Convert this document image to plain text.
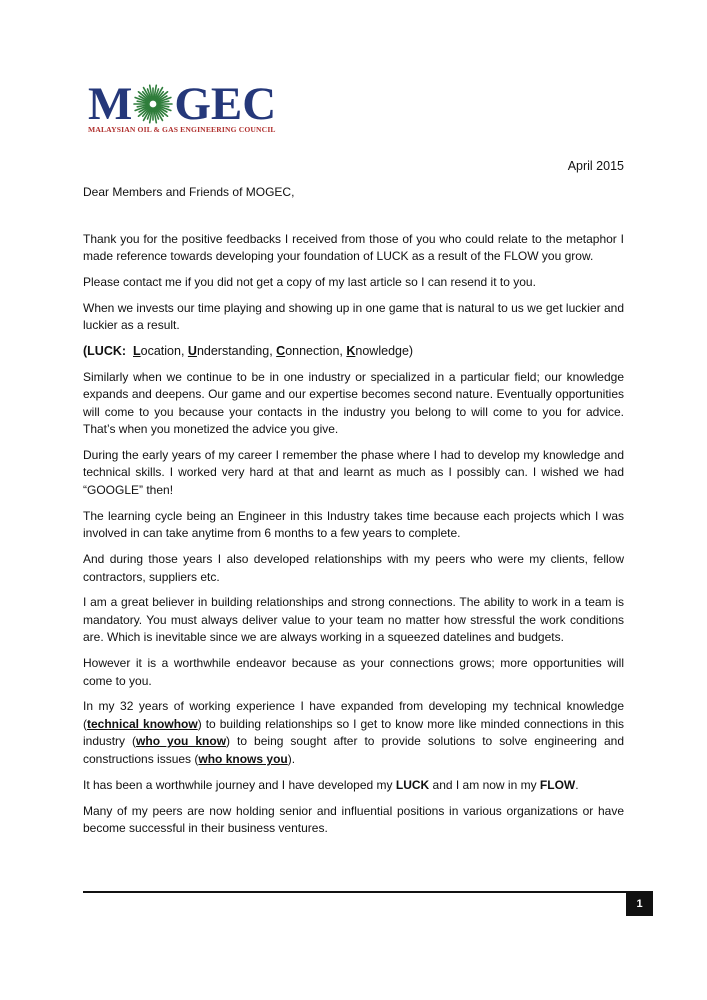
M GEC
MALAYSIAN OIL & GAS ENGINEERING COUNCIL
April 2015

Dear Members and Friends of MOGEC,

Thank you for the positive feedbacks I received from those of you who could relate to the metaphor I made reference towards developing your foundation of LUCK as a result of the FLOW you grow.

Please contact me if you did not get a copy of my last article so I can resend it to you.

When we invests our time playing and showing up in one game that is natural to us we get luckier and luckier as a result.

(LUCK: Location, Understanding, Connection, Knowledge)

Similarly when we continue to be in one industry or specialized in a particular field; our knowledge expands and deepens. Our game and our expertise becomes second nature. Eventually opportunities will come to you because your contacts in the industry you belong to will come to you for advice. That’s when you monetized the advice you give.

During the early years of my career I remember the phase where I had to develop my knowledge and technical skills. I worked very hard at that and learnt as much as I possibly can. I wished we had “GOOGLE” then!

The learning cycle being an Engineer in this Industry takes time because each projects which I was involved in can take anytime from 6 months to a few years to complete.

And during those years I also developed relationships with my peers who were my clients, fellow contractors, suppliers etc.

I am a great believer in building relationships and strong connections. The ability to work in a team is mandatory. You must always deliver value to your team no matter how stressful the work conditions are. Which is inevitable since we are always working in a squeezed datelines and budgets.

However it is a worthwhile endeavor because as your connections grows; more opportunities will come to you.

In my 32 years of working experience I have expanded from developing my technical knowledge (technical knowhow) to building relationships so I get to know more like minded connections in this industry (who you know) to being sought after to provide solutions to solve engineering and constructions issues (who knows you).

It has been a worthwhile journey and I have developed my LUCK and I am now in my FLOW.

Many of my peers are now holding senior and influential positions in various organizations or have become successful in their business ventures.

1
